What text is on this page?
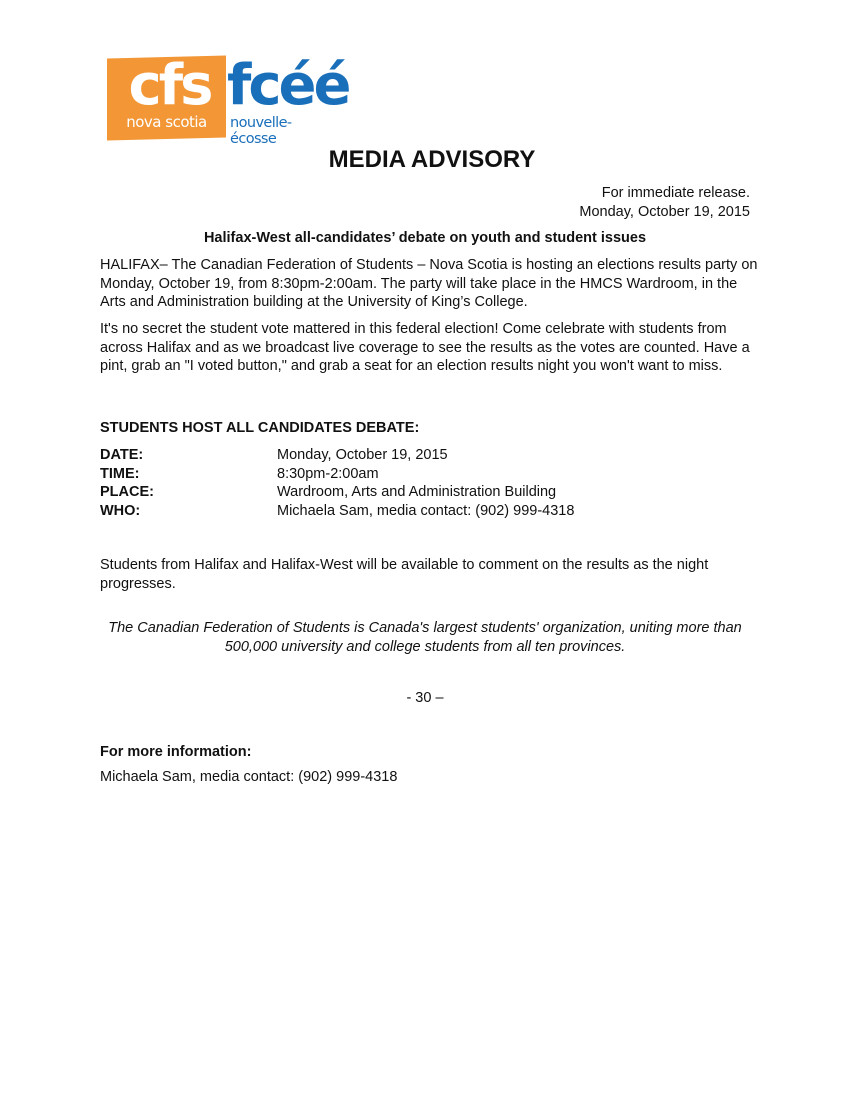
cfs
nova scotia
fcéé
nouvelle-écosse
MEDIA ADVISORY
For immediate release.
Monday, October 19, 2015
Halifax-West all-candidates’ debate on youth and student issues
HALIFAX– The Canadian Federation of Students – Nova Scotia is hosting an elections results party on Monday, October 19, from 8:30pm-2:00am. The party will take place in the HMCS Wardroom, in the Arts and Administration building at the University of King’s College.
It's no secret the student vote mattered in this federal election! Come celebrate with students from across Halifax and as we broadcast live coverage to see the results as the votes are counted. Have a pint, grab an "I voted button," and grab a seat for an election results night you won't want to miss.
STUDENTS HOST ALL CANDIDATES DEBATE:
DATE:	Monday, October 19, 2015
TIME:	8:30pm-2:00am
PLACE:	Wardroom, Arts and Administration Building
WHO:	Michaela Sam, media contact: (902) 999-4318
Students from Halifax and Halifax-West will be available to comment on the results as the night progresses.
The Canadian Federation of Students is Canada's largest students' organization, uniting more than 500,000 university and college students from all ten provinces.
- 30 –
For more information:
Michaela Sam, media contact: (902) 999-4318
